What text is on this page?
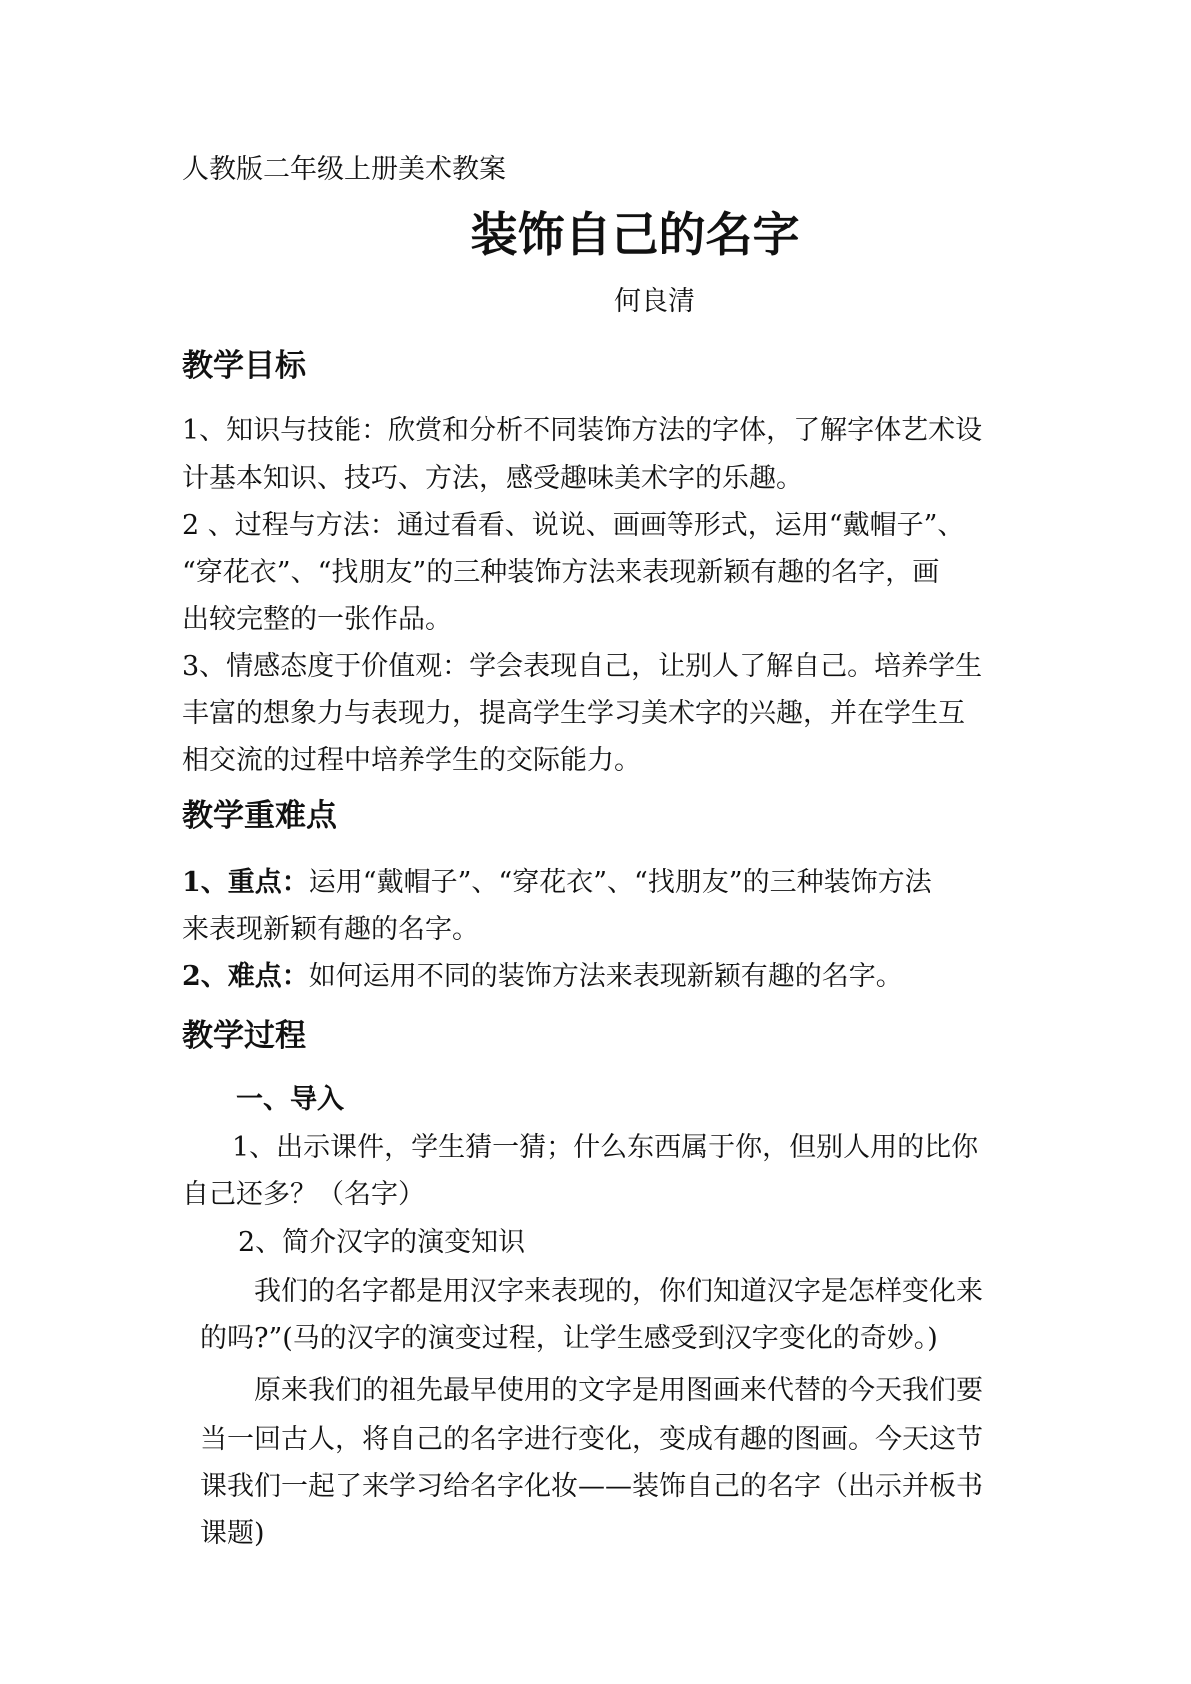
人教版二年级上册美术教案
装饰自己的名字
何良清
教学目标
1、知识与技能：欣赏和分析不同装饰方法的字体，了解字体艺术设
计基本知识、技巧、方法，感受趣味美术字的乐趣。
2 、过程与方法：通过看看、说说、画画等形式，运用“戴帽子”、
“穿花衣”、“找朋友”的三种装饰方法来表现新颖有趣的名字，画
出较完整的一张作品。
3、情感态度于价值观：学会表现自己，让别人了解自己。培养学生
丰富的想象力与表现力，提高学生学习美术字的兴趣，并在学生互
相交流的过程中培养学生的交际能力。
教学重难点
1、重点：运用“戴帽子”、“穿花衣”、“找朋友”的三种装饰方法
来表现新颖有趣的名字。
2、难点：如何运用不同的装饰方法来表现新颖有趣的名字。
教学过程
一、导入
1、出示课件，学生猜一猜；什么东西属于你，但别人用的比你
自己还多？（名字）
2、简介汉字的演变知识
我们的名字都是用汉字来表现的，你们知道汉字是怎样变化来
的吗?”(马的汉字的演变过程，让学生感受到汉字变化的奇妙。)
原来我们的祖先最早使用的文字是用图画来代替的今天我们要
当一回古人，将自己的名字进行变化，变成有趣的图画。今天这节
课我们一起了来学习给名字化妆——装饰自己的名字（出示并板书
课题)
